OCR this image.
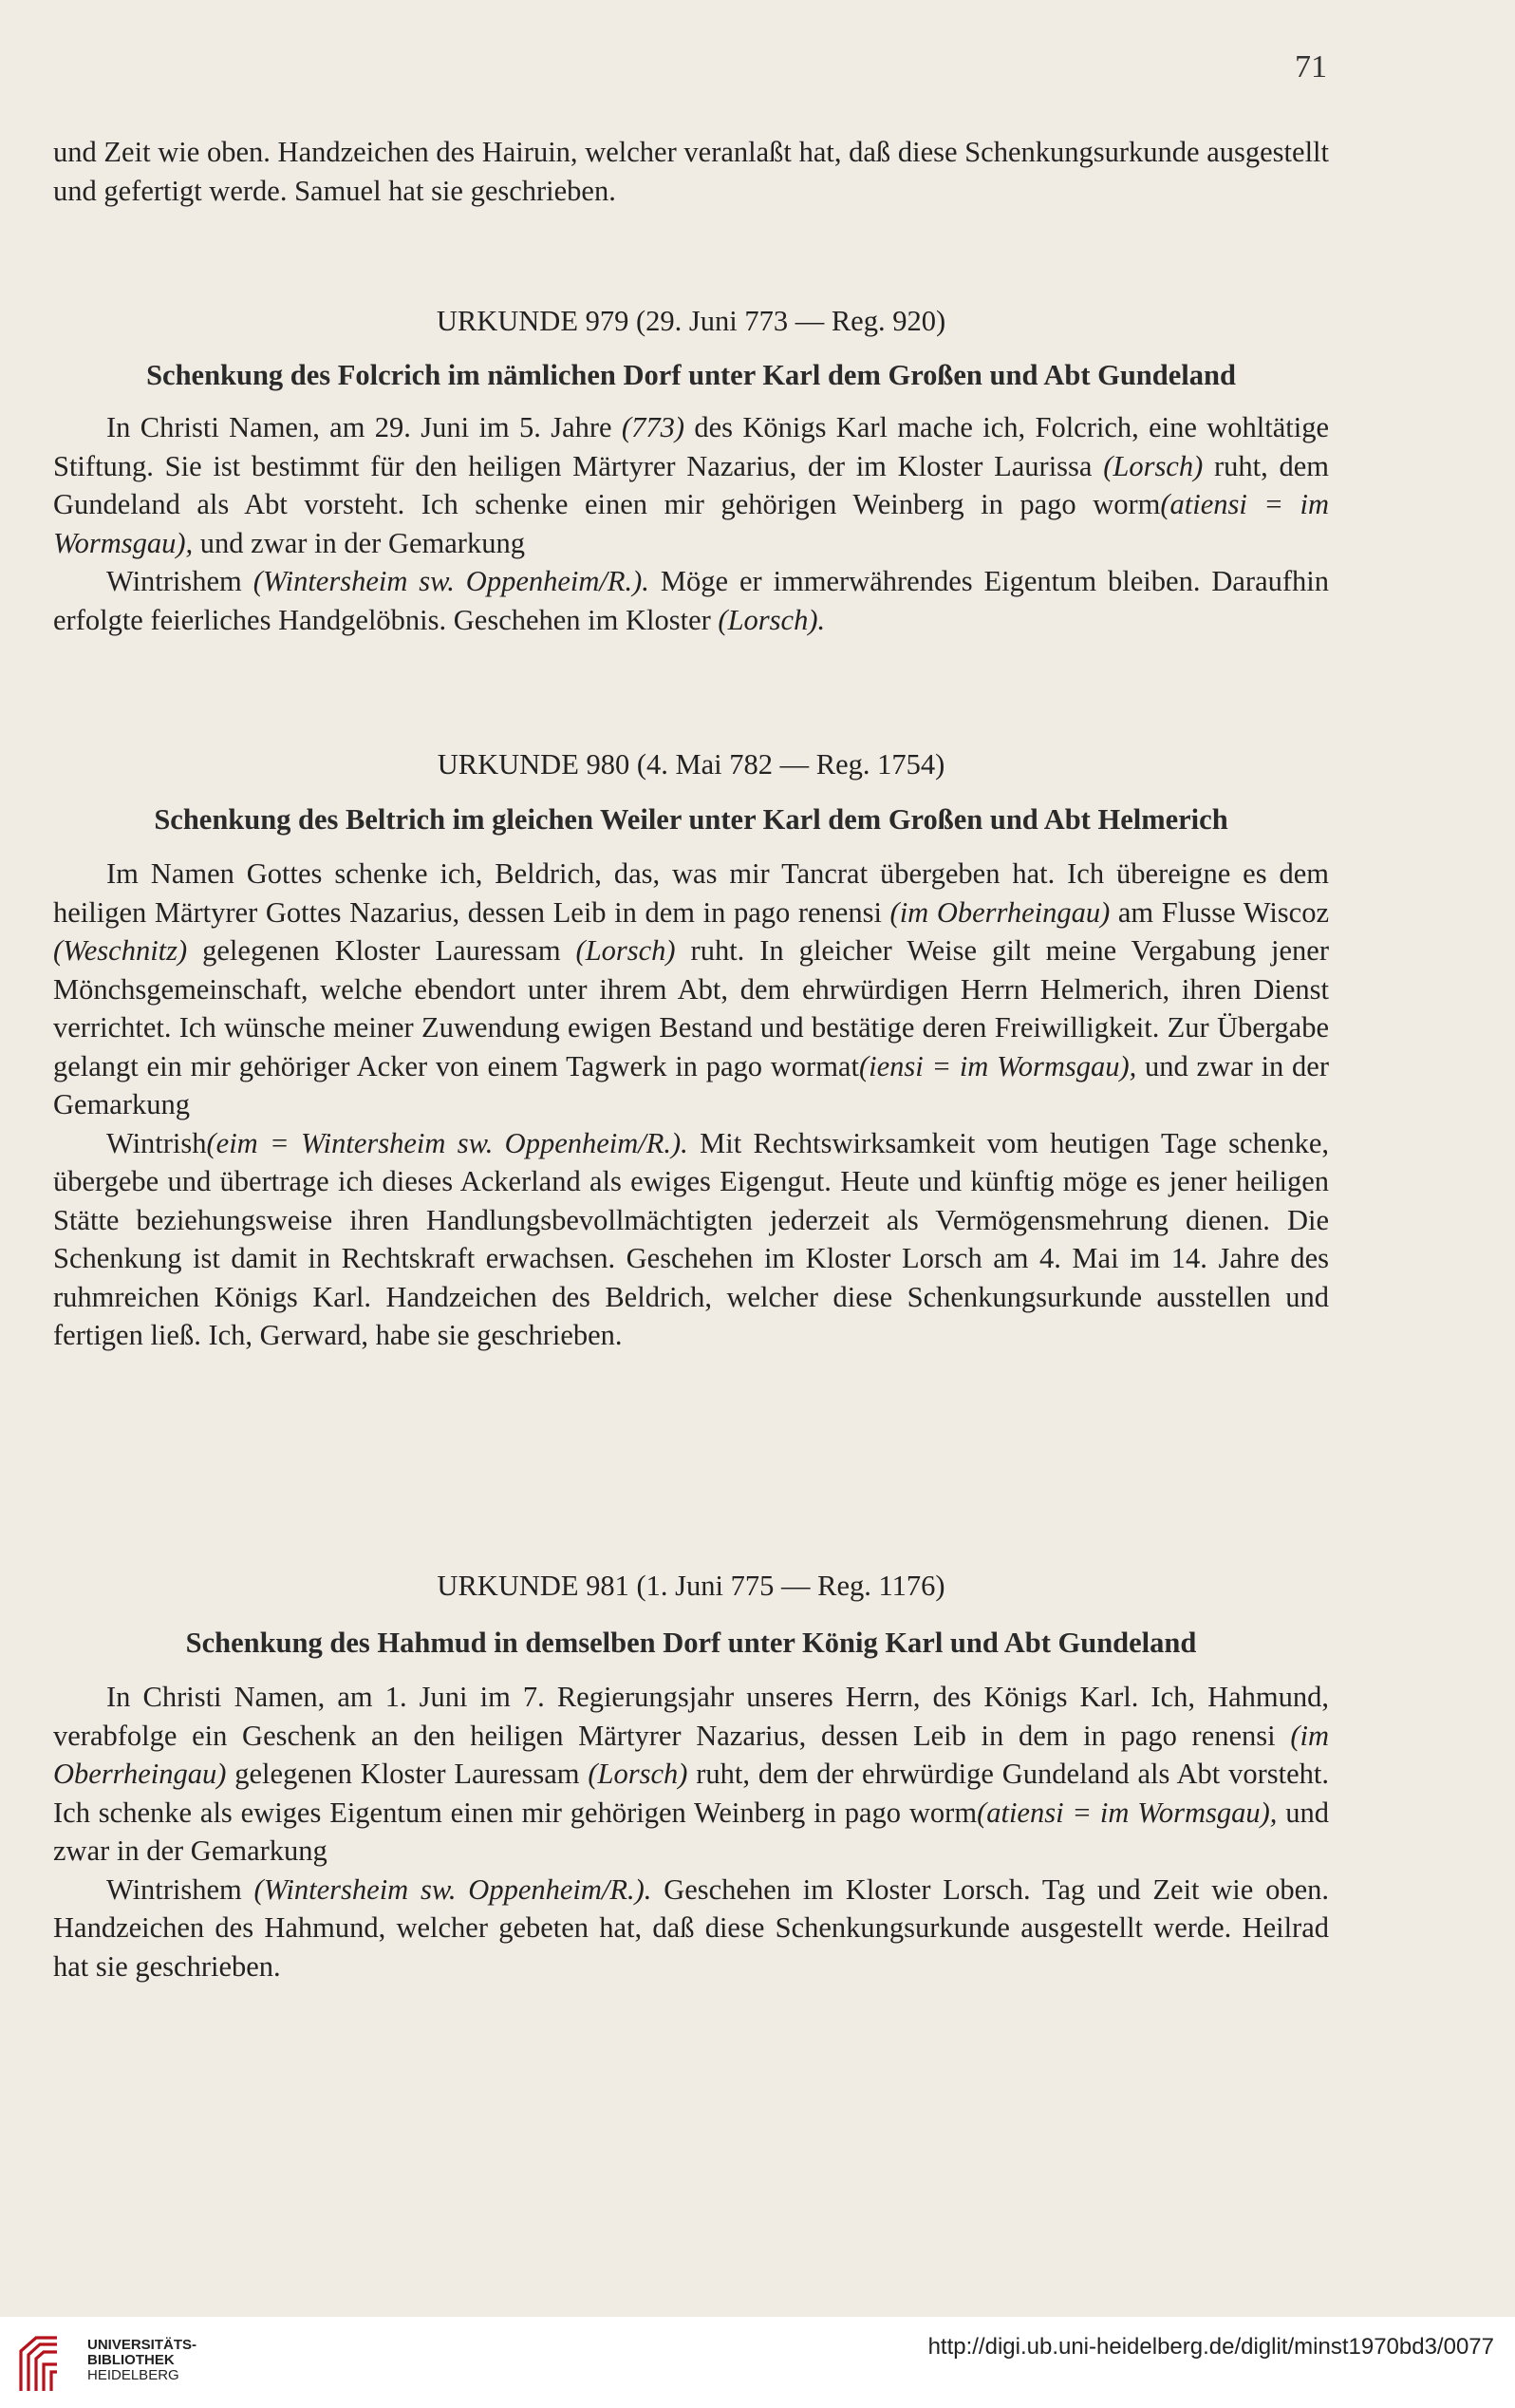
71

und Zeit wie oben. Handzeichen des Hairuin, welcher veranlaßt hat, daß diese Schenkungsurkunde ausgestellt und gefertigt werde. Samuel hat sie geschrieben.

URKUNDE 979 (29. Juni 773 — Reg. 920)
Schenkung des Folcrich im nämlichen Dorf unter Karl dem Großen und Abt Gundeland

In Christi Namen, am 29. Juni im 5. Jahre (773) des Königs Karl mache ich, Folcrich, eine wohltätige Stiftung. Sie ist bestimmt für den heiligen Märtyrer Nazarius, der im Kloster Laurissa (Lorsch) ruht, dem Gundeland als Abt vorsteht. Ich schenke einen mir gehörigen Weinberg in pago worm(atiensi = im Wormsgau), und zwar in der Gemarkung

Wintrishem (Wintersheim sw. Oppenheim/R.). Möge er immerwährendes Eigentum bleiben. Daraufhin erfolgte feierliches Handgelöbnis. Geschehen im Kloster (Lorsch).

URKUNDE 980 (4. Mai 782 — Reg. 1754)
Schenkung des Beltrich im gleichen Weiler unter Karl dem Großen und Abt Helmerich

Im Namen Gottes schenke ich, Beldrich, das, was mir Tancrat übergeben hat. Ich übereigne es dem heiligen Märtyrer Gottes Nazarius, dessen Leib in dem in pago renensi (im Oberrheingau) am Flusse Wiscoz (Weschnitz) gelegenen Kloster Lauressam (Lorsch) ruht. In gleicher Weise gilt meine Vergabung jener Mönchsgemeinschaft, welche ebendort unter ihrem Abt, dem ehrwürdigen Herrn Helmerich, ihren Dienst verrichtet. Ich wünsche meiner Zuwendung ewigen Bestand und bestätige deren Freiwilligkeit. Zur Übergabe gelangt ein mir gehöriger Acker von einem Tagwerk in pago wormat(iensi = im Wormsgau), und zwar in der Gemarkung

Wintrish(eim = Wintersheim sw. Oppenheim/R.). Mit Rechtswirksamkeit vom heutigen Tage schenke, übergebe und übertrage ich dieses Ackerland als ewiges Eigengut. Heute und künftig möge es jener heiligen Stätte beziehungsweise ihren Handlungsbevollmächtigten jederzeit als Vermögensmehrung dienen. Die Schenkung ist damit in Rechtskraft erwachsen. Geschehen im Kloster Lorsch am 4. Mai im 14. Jahre des ruhmreichen Königs Karl. Handzeichen des Beldrich, welcher diese Schenkungsurkunde ausstellen und fertigen ließ. Ich, Gerward, habe sie geschrieben.

URKUNDE 981 (1. Juni 775 — Reg. 1176)
Schenkung des Hahmud in demselben Dorf unter König Karl und Abt Gundeland

In Christi Namen, am 1. Juni im 7. Regierungsjahr unseres Herrn, des Königs Karl. Ich, Hahmund, verabfolge ein Geschenk an den heiligen Märtyrer Nazarius, dessen Leib in dem in pago renensi (im Oberrheingau) gelegenen Kloster Lauressam (Lorsch) ruht, dem der ehrwürdige Gundeland als Abt vorsteht. Ich schenke als ewiges Eigentum einen mir gehörigen Weinberg in pago worm(atiensi = im Wormsgau), und zwar in der Gemarkung

Wintrishem (Wintersheim sw. Oppenheim/R.). Geschehen im Kloster Lorsch. Tag und Zeit wie oben. Handzeichen des Hahmund, welcher gebeten hat, daß diese Schenkungsurkunde ausgestellt werde. Heilrad hat sie geschrieben.

UNIVERSITÄTS-
BIBLIOTHEK
HEIDELBERG
http://digi.ub.uni-heidelberg.de/diglit/minst1970bd3/0077
